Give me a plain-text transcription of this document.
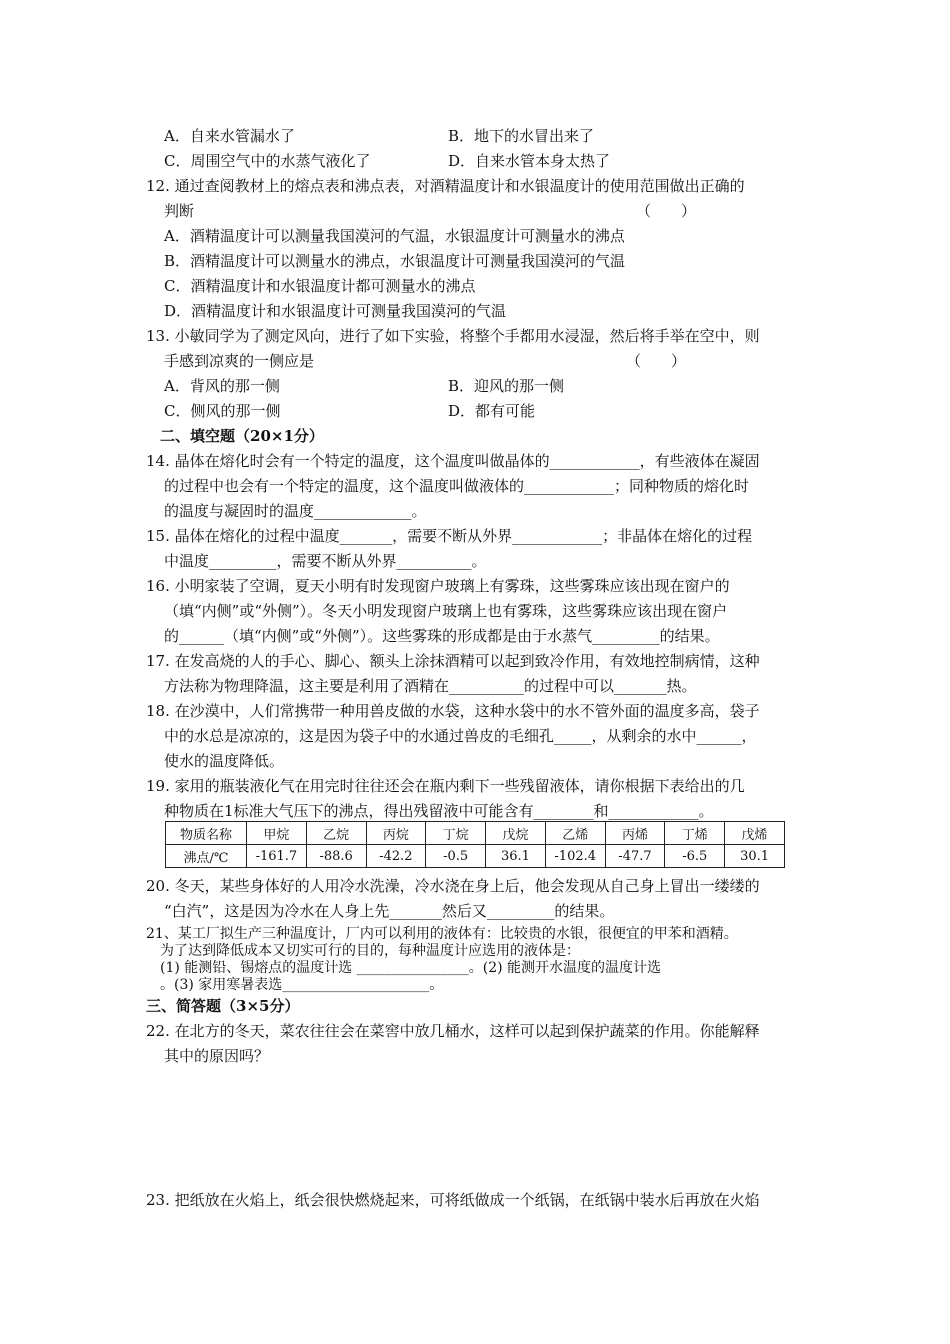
A．自来水管漏水了	B．地下的水冒出来了
C．周围空气中的水蒸气液化了	D．自来水管本身太热了
12. 通过查阅教材上的熔点表和沸点表，对酒精温度计和水银温度计的使用范围做出正确的
判断	（　　）
A．酒精温度计可以测量我国漠河的气温，水银温度计可测量水的沸点
B．酒精温度计可以测量水的沸点，水银温度计可测量我国漠河的气温
C．酒精温度计和水银温度计都可测量水的沸点
D．酒精温度计和水银温度计可测量我国漠河的气温
13. 小敏同学为了测定风向，进行了如下实验，将整个手都用水浸湿，然后将手举在空中，则
手感到凉爽的一侧应是	（　　）
A．背风的那一侧	B．迎风的那一侧
C．侧风的那一侧	D．都有可能
二、填空题（20×1分）
14. 晶体在熔化时会有一个特定的温度，这个温度叫做晶体的____________，有些液体在凝固
的过程中也会有一个特定的温度，这个温度叫做液体的____________；同种物质的熔化时
的温度与凝固时的温度_____________。
15. 晶体在熔化的过程中温度_______，需要不断从外界____________；非晶体在熔化的过程
中温度_________，需要不断从外界__________。
16. 小明家装了空调，夏天小明有时发现窗户玻璃上有雾珠，这些雾珠应该出现在窗户的
（填“内侧”或“外侧”）。冬天小明发现窗户玻璃上也有雾珠，这些雾珠应该出现在窗户
的______（填“内侧”或“外侧”）。这些雾珠的形成都是由于水蒸气_________的结果。
17. 在发高烧的人的手心、脚心、额头上涂抹酒精可以起到致冷作用，有效地控制病情，这种
方法称为物理降温，这主要是利用了酒精在__________的过程中可以_______热。
18. 在沙漠中，人们常携带一种用兽皮做的水袋，这种水袋中的水不管外面的温度多高，袋子
中的水总是凉凉的，这是因为袋子中的水通过兽皮的毛细孔_____，从剩余的水中______，
使水的温度降低。
19. 家用的瓶装液化气在用完时往往还会在瓶内剩下一些残留液体，请你根据下表给出的几
种物质在1标准大气压下的沸点，得出残留液中可能含有________和____________。
物质名称	甲烷	乙烷	丙烷	丁烷	戊烷	乙烯	丙烯	丁烯	戊烯
沸点/℃	-161.7	-88.6	-42.2	-0.5	36.1	-102.4	-47.7	-6.5	30.1
20. 冬天，某些身体好的人用冷水洗澡，冷水浇在身上后，他会发现从自己身上冒出一缕缕的
“白汽”，这是因为冷水在人身上先_______然后又_________的结果。
21、某工厂拟生产三种温度计，厂内可以利用的液体有：比较贵的水银，很便宜的甲苯和酒精。
为了达到降低成本又切实可行的目的，每种温度计应选用的液体是：
(1) 能测铅、锡熔点的温度计选 ________________。(2) 能测开水温度的温度计选
。(3) 家用寒暑表选_____________________。
三、简答题（3×5分）
22. 在北方的冬天，菜农往往会在菜窖中放几桶水，这样可以起到保护蔬菜的作用。你能解释
其中的原因吗？
23. 把纸放在火焰上，纸会很快燃烧起来，可将纸做成一个纸锅，在纸锅中装水后再放在火焰
